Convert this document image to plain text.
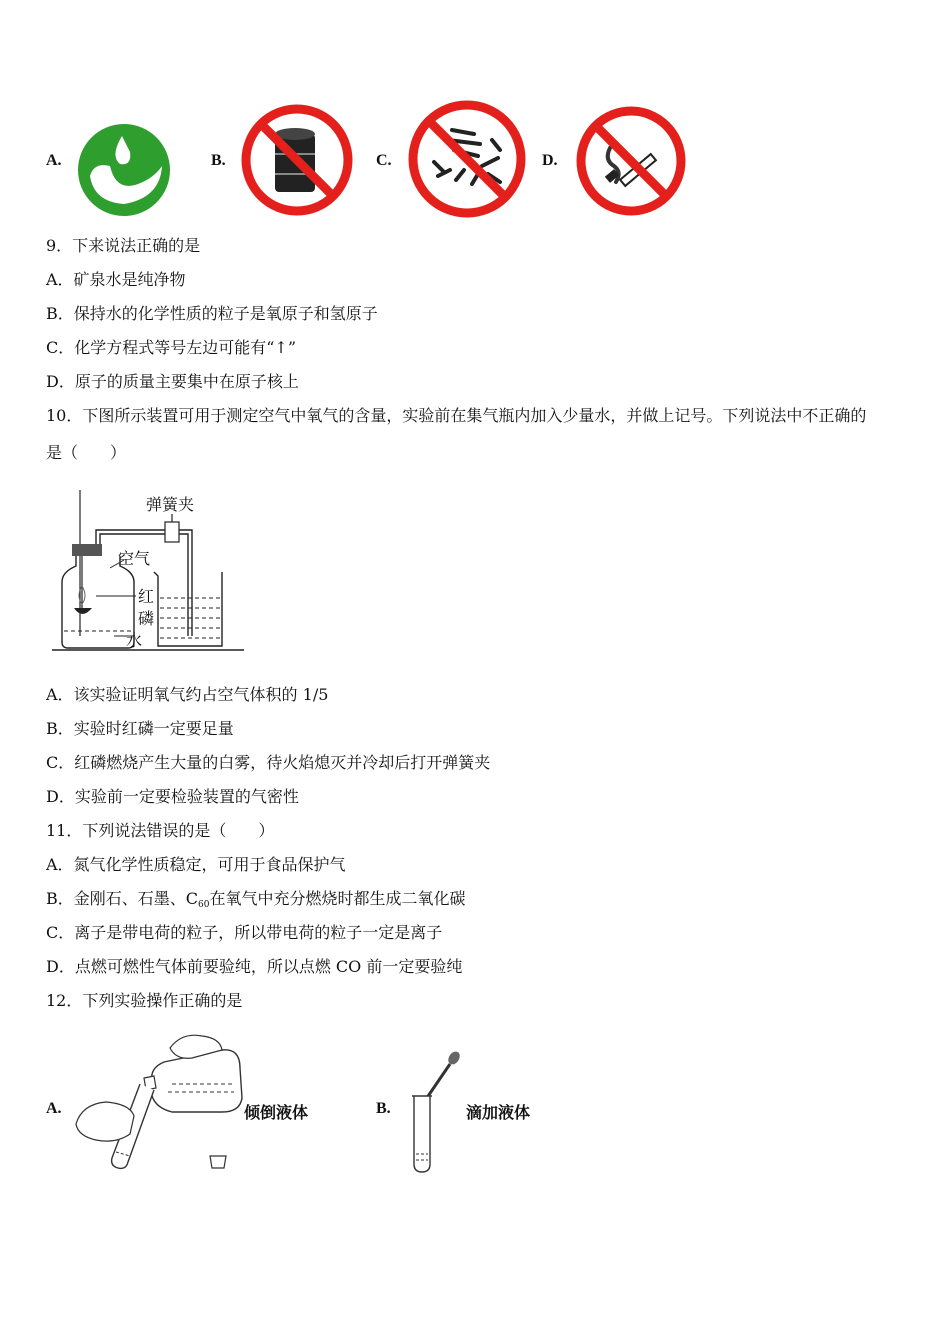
A.	B.	C.	D.
9．下来说法正确的是
A．矿泉水是纯净物
B．保持水的化学性质的粒子是氧原子和氢原子
C．化学方程式等号左边可能有“↑”
D．原子的质量主要集中在原子核上
10．下图所示装置可用于测定空气中氧气的含量，实验前在集气瓶内加入少量水，并做上记号。下列说法中不正确的
是（　　）
弹簧夹
空气
红
磷
水
A．该实验证明氧气约占空气体积的 1/5
B．实验时红磷一定要足量
C．红磷燃烧产生大量的白雾，待火焰熄灭并冷却后打开弹簧夹
D．实验前一定要检验装置的气密性
11．下列说法错误的是（　　）
A．氮气化学性质稳定，可用于食品保护气
B．金刚石、石墨、$C_{60}$在氧气中充分燃烧时都生成二氧化碳
C．离子是带电荷的粒子，所以带电荷的粒子一定是离子
D．点燃可燃性气体前要验纯，所以点燃 CO 前一定要验纯
12．下列实验操作正确的是
A.	倾倒液体	B.	滴加液体
